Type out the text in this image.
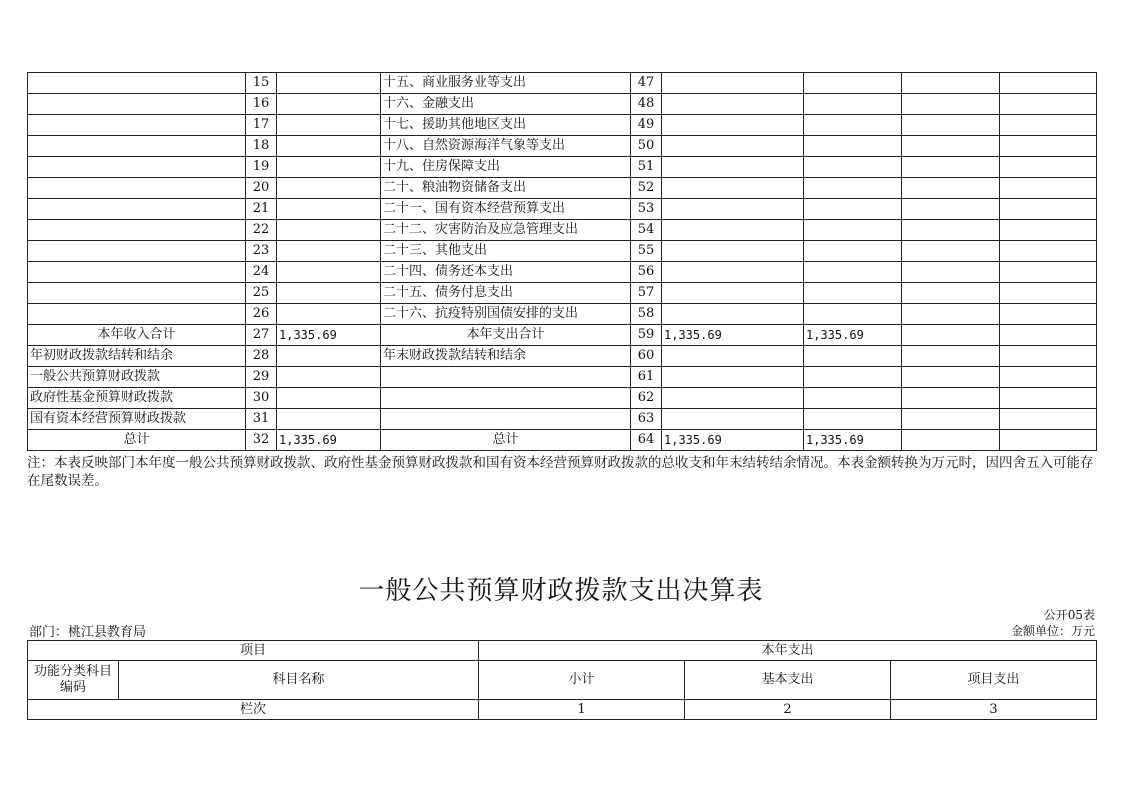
	15		十五、商业服务业等支出	47				
	16		十六、金融支出	48				
	17		十七、援助其他地区支出	49				
	18		十八、自然资源海洋气象等支出	50				
	19		十九、住房保障支出	51				
	20		二十、粮油物资储备支出	52				
	21		二十一、国有资本经营预算支出	53				
	22		二十二、灾害防治及应急管理支出	54				
	23		二十三、其他支出	55				
	24		二十四、债务还本支出	56				
	25		二十五、债务付息支出	57				
	26		二十六、抗疫特别国债安排的支出	58				
本年收入合计	27	1,335.69	本年支出合计	59	1,335.69	1,335.69		
年初财政拨款结转和结余	28		年末财政拨款结转和结余	60				
一般公共预算财政拨款	29			61				
政府性基金预算财政拨款	30			62				
国有资本经营预算财政拨款	31			63				
总计	32	1,335.69	总计	64	1,335.69	1,335.69		
注：本表反映部门本年度一般公共预算财政拨款、政府性基金预算财政拨款和国有资本经营预算财政拨款的总收支和年末结转结余情况。本表金额转换为万元时，因四舍五入可能存在尾数误差。
一般公共预算财政拨款支出决算表
公开05表
部门：桃江县教育局	金额单位：万元
项目		本年支出		
功能分类科目编码	科目名称	小计	基本支出	项目支出
栏次		1	2	3
